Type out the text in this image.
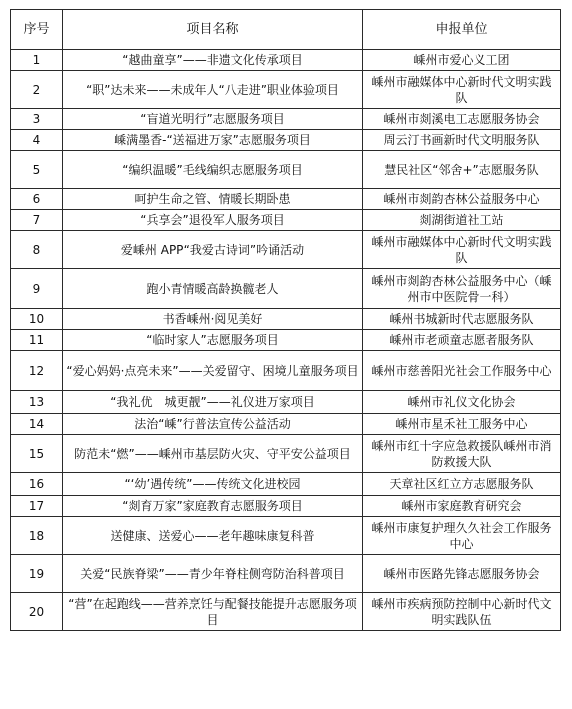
序号	项目名称	申报单位
1	“越曲童享”——非遗文化传承项目	嵊州市爱心义工团
2	“职”达未来——未成年人“八走进”职业体验项目	嵊州市融媒体中心新时代文明实践队
3	“盲道光明行”志愿服务项目	嵊州市剡溪电工志愿服务协会
4	嵊满墨香-“送福进万家”志愿服务项目	周云汀书画新时代文明服务队
5	“编织温暖”毛线编织志愿服务项目	慧民社区“邻舍+”志愿服务队
6	呵护生命之管、情暖长期卧患	嵊州市剡韵杏林公益服务中心
7	“兵享会”退役军人服务项目	剡湖街道社工站
8	爱嵊州 APP“我爱古诗词”吟诵活动	嵊州市融媒体中心新时代文明实践队
9	跑小青情暖高龄换髋老人	嵊州市剡韵杏林公益服务中心（嵊州市中医院骨一科）
10	书香嵊州·阅见美好	嵊州书城新时代志愿服务队
11	“临时家人”志愿服务项目	嵊州市老顽童志愿者服务队
12	“爱心妈妈·点亮未来”——关爱留守、困境儿童服务项目	嵊州市慈善阳光社会工作服务中心
13	“我礼优　城更靓”——礼仪进万家项目	嵊州市礼仪文化协会
14	法治“嵊”行普法宣传公益活动	嵊州市星禾社工服务中心
15	防范未“燃”——嵊州市基层防火灾、守平安公益项目	嵊州市红十字应急救援队嵊州市消防救援大队
16	“‘幼’遇传统”——传统文化进校园	天章社区红立方志愿服务队
17	“剡育万家”家庭教育志愿服务项目	嵊州市家庭教育研究会
18	送健康、送爱心——老年趣味康复科普	嵊州市康复护理久久社会工作服务中心
19	关爱“民族脊梁”——青少年脊柱侧弯防治科普项目	嵊州市医路先锋志愿服务协会
20	“营”在起跑线——营养烹饪与配餐技能提升志愿服务项目	嵊州市疾病预防控制中心新时代文明实践队伍
